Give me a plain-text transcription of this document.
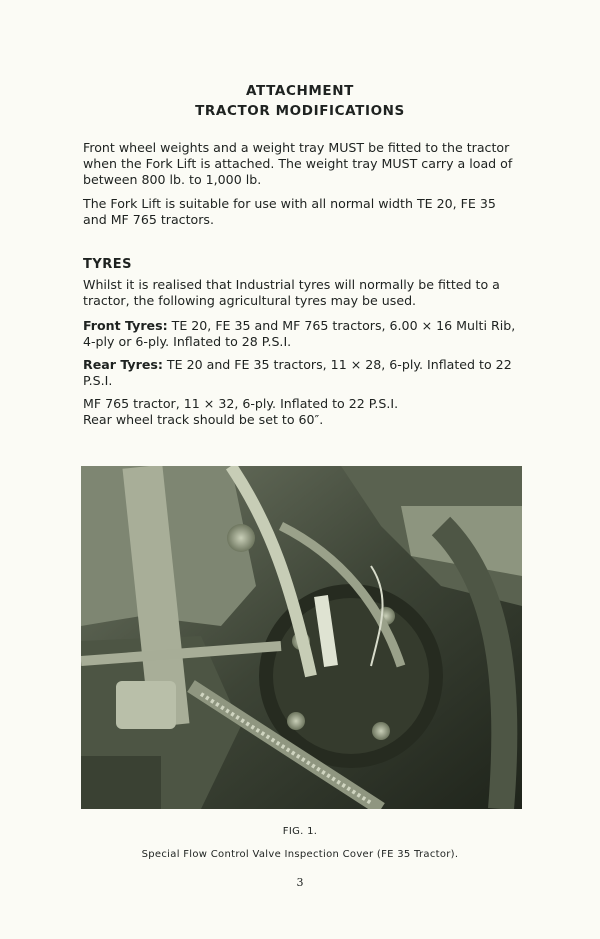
ATTACHMENT
TRACTOR MODIFICATIONS
Front wheel weights and a weight tray MUST be fitted to the tractor when the Fork Lift is attached. The weight tray MUST carry a load of between 800 lb. to 1,000 lb.
The Fork Lift is suitable for use with all normal width TE 20, FE 35 and MF 765 tractors.
TYRES
Whilst it is realised that Industrial tyres will normally be fitted to a tractor, the following agricultural tyres may be used.
Front Tyres: TE 20, FE 35 and MF 765 tractors, 6.00 × 16 Multi Rib, 4-ply or 6-ply. Inflated to 28 P.S.I.
Rear Tyres: TE 20 and FE 35 tractors, 11 × 28, 6-ply. Inflated to 22 P.S.I.
MF 765 tractor, 11 × 32, 6-ply. Inflated to 22 P.S.I.
Rear wheel track should be set to 60″.
FIG. 1.
Special Flow Control Valve Inspection Cover (FE 35 Tractor).
3
